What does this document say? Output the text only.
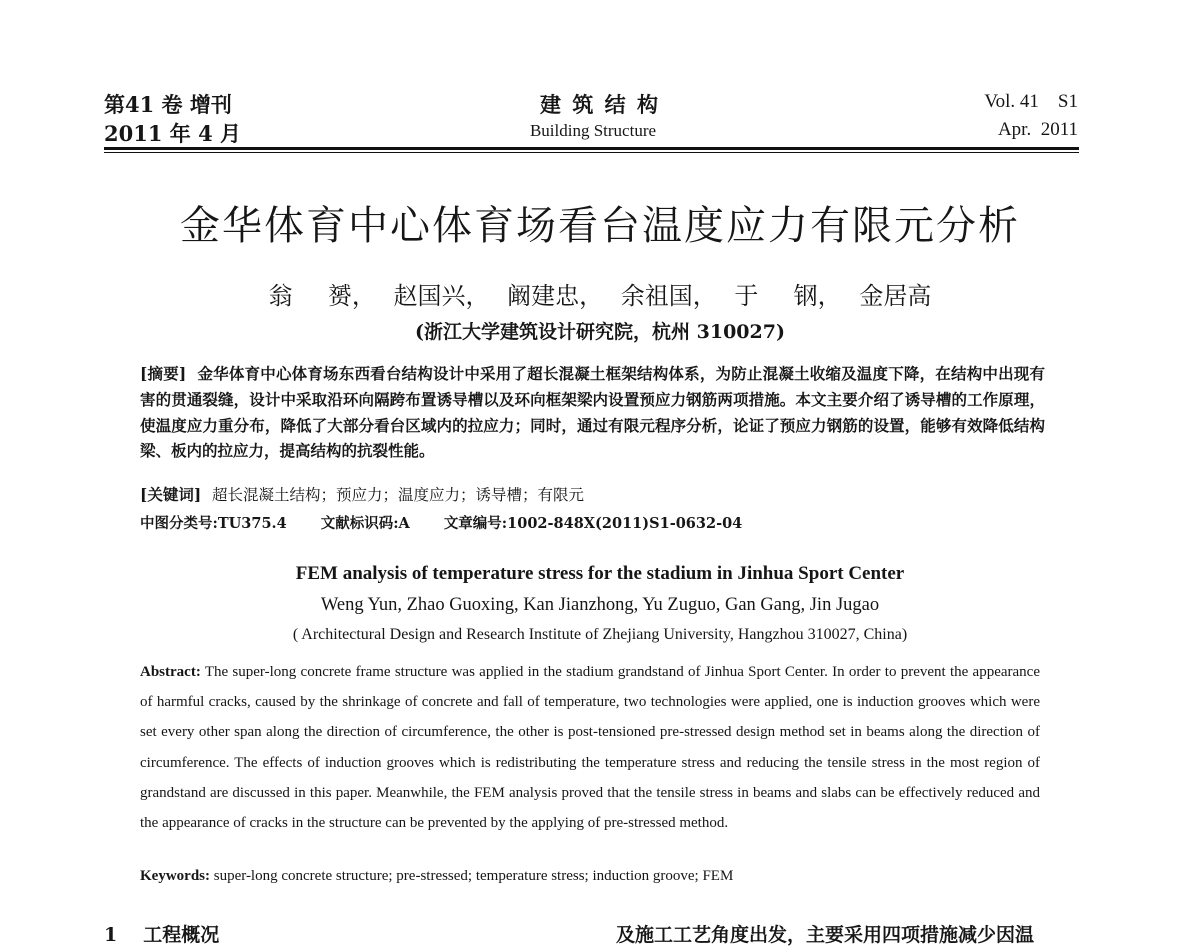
第41 卷 增刊
2011 年 4 月
建 筑 结 构
Building Structure
Vol. 41    S1
Apr.  2011
金华体育中心体育场看台温度应力有限元分析
翁  赟， 赵国兴， 阚建忠， 余祖国， 于  钢， 金居高
(浙江大学建筑设计研究院，杭州 310027)
[摘要] 金华体育中心体育场东西看台结构设计中采用了超长混凝土框架结构体系，为防止混凝土收缩及温度下降，在结构中出现有害的贯通裂缝，设计中采取沿环向隔跨布置诱导槽以及环向框架梁内设置预应力钢筋两项措施。本文主要介绍了诱导槽的工作原理，使温度应力重分布，降低了大部分看台区域内的拉应力；同时，通过有限元程序分析，论证了预应力钢筋的设置，能够有效降低结构梁、板内的拉应力，提高结构的抗裂性能。
[关键词] 超长混凝土结构；预应力；温度应力；诱导槽；有限元
中图分类号:TU375.4 文献标识码:A 文章编号:1002-848X(2011)S1-0632-04
FEM analysis of temperature stress for the stadium in Jinhua Sport Center
Weng Yun, Zhao Guoxing, Kan Jianzhong, Yu Zuguo, Gan Gang, Jin Jugao
( Architectural Design and Research Institute of Zhejiang University, Hangzhou 310027, China)
Abstract: The super-long concrete frame structure was applied in the stadium grandstand of Jinhua Sport Center. In order to prevent the appearance of harmful cracks, caused by the shrinkage of concrete and fall of temperature, two technologies were applied, one is induction grooves which were set every other span along the direction of circumference, the other is post-tensioned pre-stressed design method set in beams along the direction of circumference. The effects of induction grooves which is redistributing the temperature stress and reducing the tensile stress in the most region of grandstand are discussed in this paper. Meanwhile, the FEM analysis proved that the tensile stress in beams and slabs can be effectively reduced and the appearance of cracks in the structure can be prevented by the applying of pre-stressed method.
Keywords: super-long concrete structure; pre-stressed; temperature stress; induction groove; FEM
1 工程概况	及施工工艺角度出发，主要采用四项措施减少因温
